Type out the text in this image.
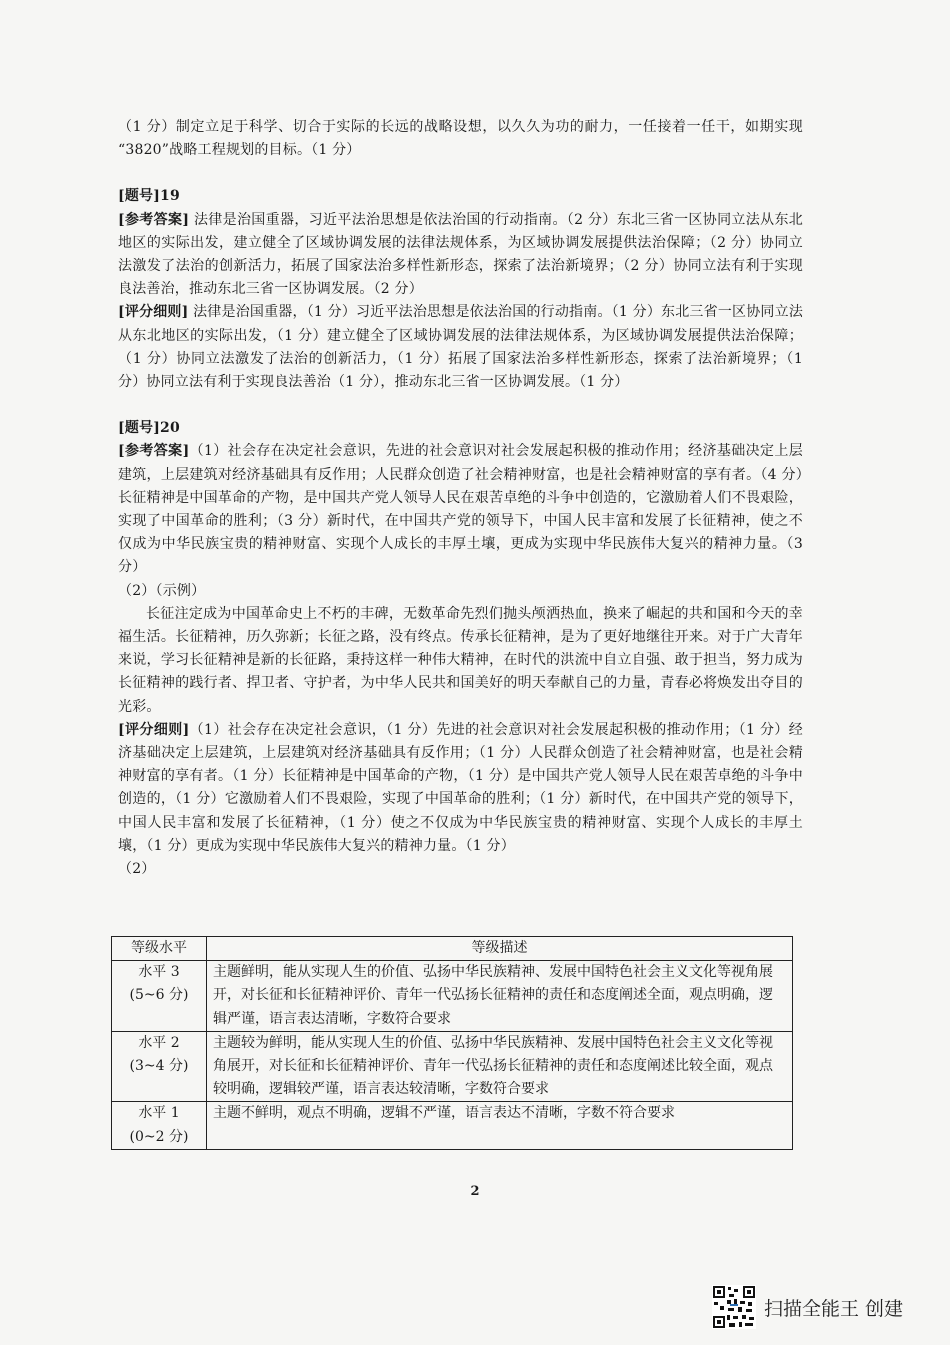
（1 分）制定立足于科学、切合于实际的长远的战略设想，以久久为功的耐力，一任接着一任干，如期实现 “3820”战略工程规划的目标。（1 分）

[题号]19

[参考答案] 法律是治国重器，习近平法治思想是依法治国的行动指南。（2 分）东北三省一区协同立法从东北地区的实际出发，建立健全了区域协调发展的法律法规体系，为区域协调发展提供法治保障；（2 分）协同立法激发了法治的创新活力，拓展了国家法治多样性新形态，探索了法治新境界；（2 分）协同立法有利于实现良法善治，推动东北三省一区协调发展。（2 分）

[评分细则] 法律是治国重器，（1 分）习近平法治思想是依法治国的行动指南。（1 分）东北三省一区协同立法从东北地区的实际出发，（1 分）建立健全了区域协调发展的法律法规体系，为区域协调发展提供法治保障；（1 分）协同立法激发了法治的创新活力，（1 分）拓展了国家法治多样性新形态，探索了法治新境界；（1 分）协同立法有利于实现良法善治（1 分），推动东北三省一区协调发展。（1 分）

[题号]20

[参考答案]（1）社会存在决定社会意识，先进的社会意识对社会发展起积极的推动作用；经济基础决定上层建筑，上层建筑对经济基础具有反作用；人民群众创造了社会精神财富，也是社会精神财富的享有者。（4 分）长征精神是中国革命的产物，是中国共产党人领导人民在艰苦卓绝的斗争中创造的，它激励着人们不畏艰险，实现了中国革命的胜利；（3 分）新时代，在中国共产党的领导下，中国人民丰富和发展了长征精神，使之不仅成为中华民族宝贵的精神财富、实现个人成长的丰厚土壤，更成为实现中华民族伟大复兴的精神力量。（3 分）

（2）（示例）

长征注定成为中国革命史上不朽的丰碑，无数革命先烈们抛头颅洒热血，换来了崛起的共和国和今天的幸福生活。长征精神，历久弥新；长征之路，没有终点。传承长征精神，是为了更好地继往开来。对于广大青年来说，学习长征精神是新的长征路，秉持这样一种伟大精神，在时代的洪流中自立自强、敢于担当，努力成为长征精神的践行者、捍卫者、守护者，为中华人民共和国美好的明天奉献自己的力量，青春必将焕发出夺目的光彩。

[评分细则]（1）社会存在决定社会意识，（1 分）先进的社会意识对社会发展起积极的推动作用；（1 分）经济基础决定上层建筑，上层建筑对经济基础具有反作用；（1 分）人民群众创造了社会精神财富，也是社会精神财富的享有者。（1 分）长征精神是中国革命的产物，（1 分）是中国共产党人领导人民在艰苦卓绝的斗争中创造的，（1 分）它激励着人们不畏艰险，实现了中国革命的胜利；（1 分）新时代，在中国共产党的领导下，中国人民丰富和发展了长征精神，（1 分）使之不仅成为中华民族宝贵的精神财富、实现个人成长的丰厚土壤，（1 分）更成为实现中华民族伟大复兴的精神力量。（1 分）

（2）

等级水平	等级描述

水平 3
(5~6 分)	主题鲜明，能从实现人生的价值、弘扬中华民族精神、发展中国特色社会主义文化等视角展开，对长征和长征精神评价、青年一代弘扬长征精神的责任和态度阐述全面，观点明确，逻辑严谨，语言表达清晰，字数符合要求

水平 2
(3~4 分)	主题较为鲜明，能从实现人生的价值、弘扬中华民族精神、发展中国特色社会主义文化等视角展开，对长征和长征精神评价、青年一代弘扬长征精神的责任和态度阐述比较全面，观点较明确，逻辑较严谨，语言表达较清晰，字数符合要求

水平 1
(0~2 分)	主题不鲜明，观点不明确，逻辑不严谨，语言表达不清晰，字数不符合要求
2
扫描全能王 创建
